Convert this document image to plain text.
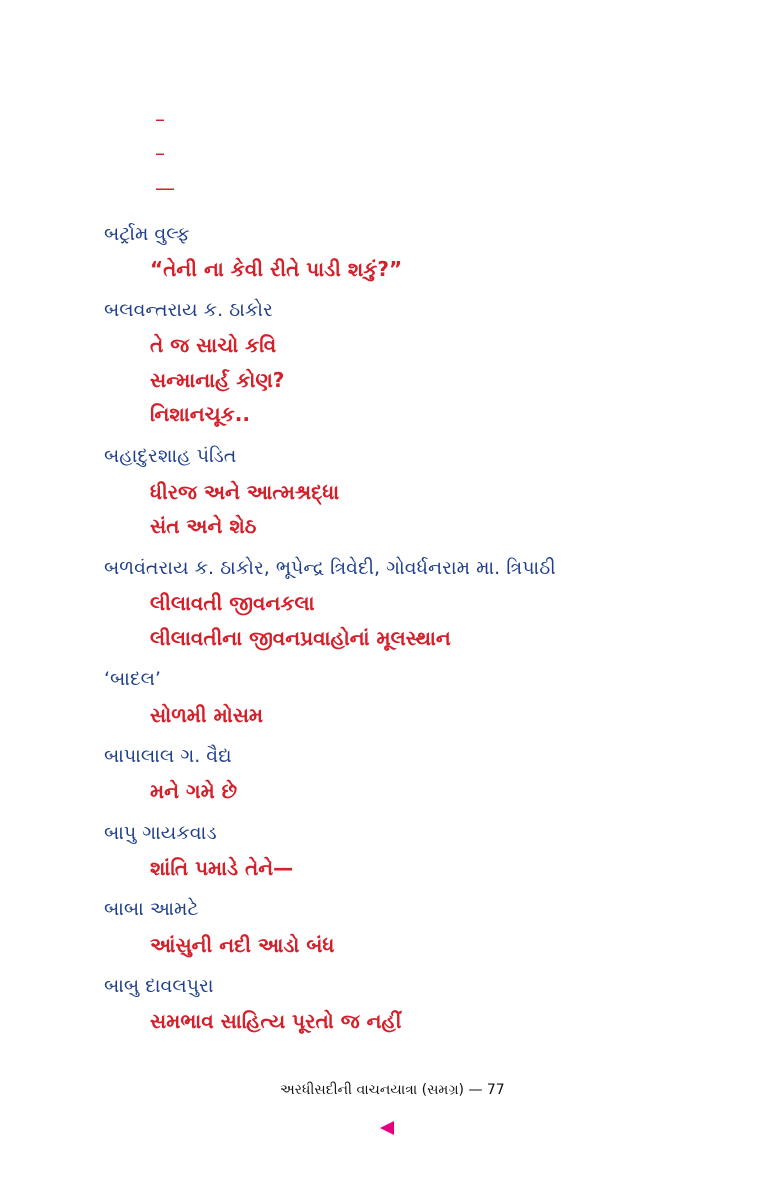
–
–
—
બર્ટ્રામ વુલ્ફ
“તેની ના કેવી રીતે પાડી શકું?”
બલવન્તરાય ક. ઠાકોર
તે જ સાચો કવિ
સન્માનાર્હ કોણ?
નિશાનચૂક..
બહાદુરશાહ પંડિત
ધીરજ અને આત્મશ્રદ્ધા
સંત અને શેઠ
બળવંતરાય ક. ઠાકોર, ભૂપેન્દ્ર ત્રિવેદી, ગોવર્ધનરામ મા. ત્રિપાઠી
લીલાવતી જીવનકલા
લીલાવતીના જીવનપ્રવાહોનાં મૂલસ્થાન
‘બાદલ’
સોળમી મોસમ
બાપાલાલ ગ. વૈદ્ય
મને ગમે છે
બાપુ ગાયકવાડ
શાંતિ પમાડે તેને—
બાબા આમટે
આંસુની નદી આડો બંધ
બાબુ દાવલપુરા
સમભાવ સાહિત્ય પૂરતો જ નહીં
અરધીસદીની વાચનયાત્રા (સમગ્ર) — 77
